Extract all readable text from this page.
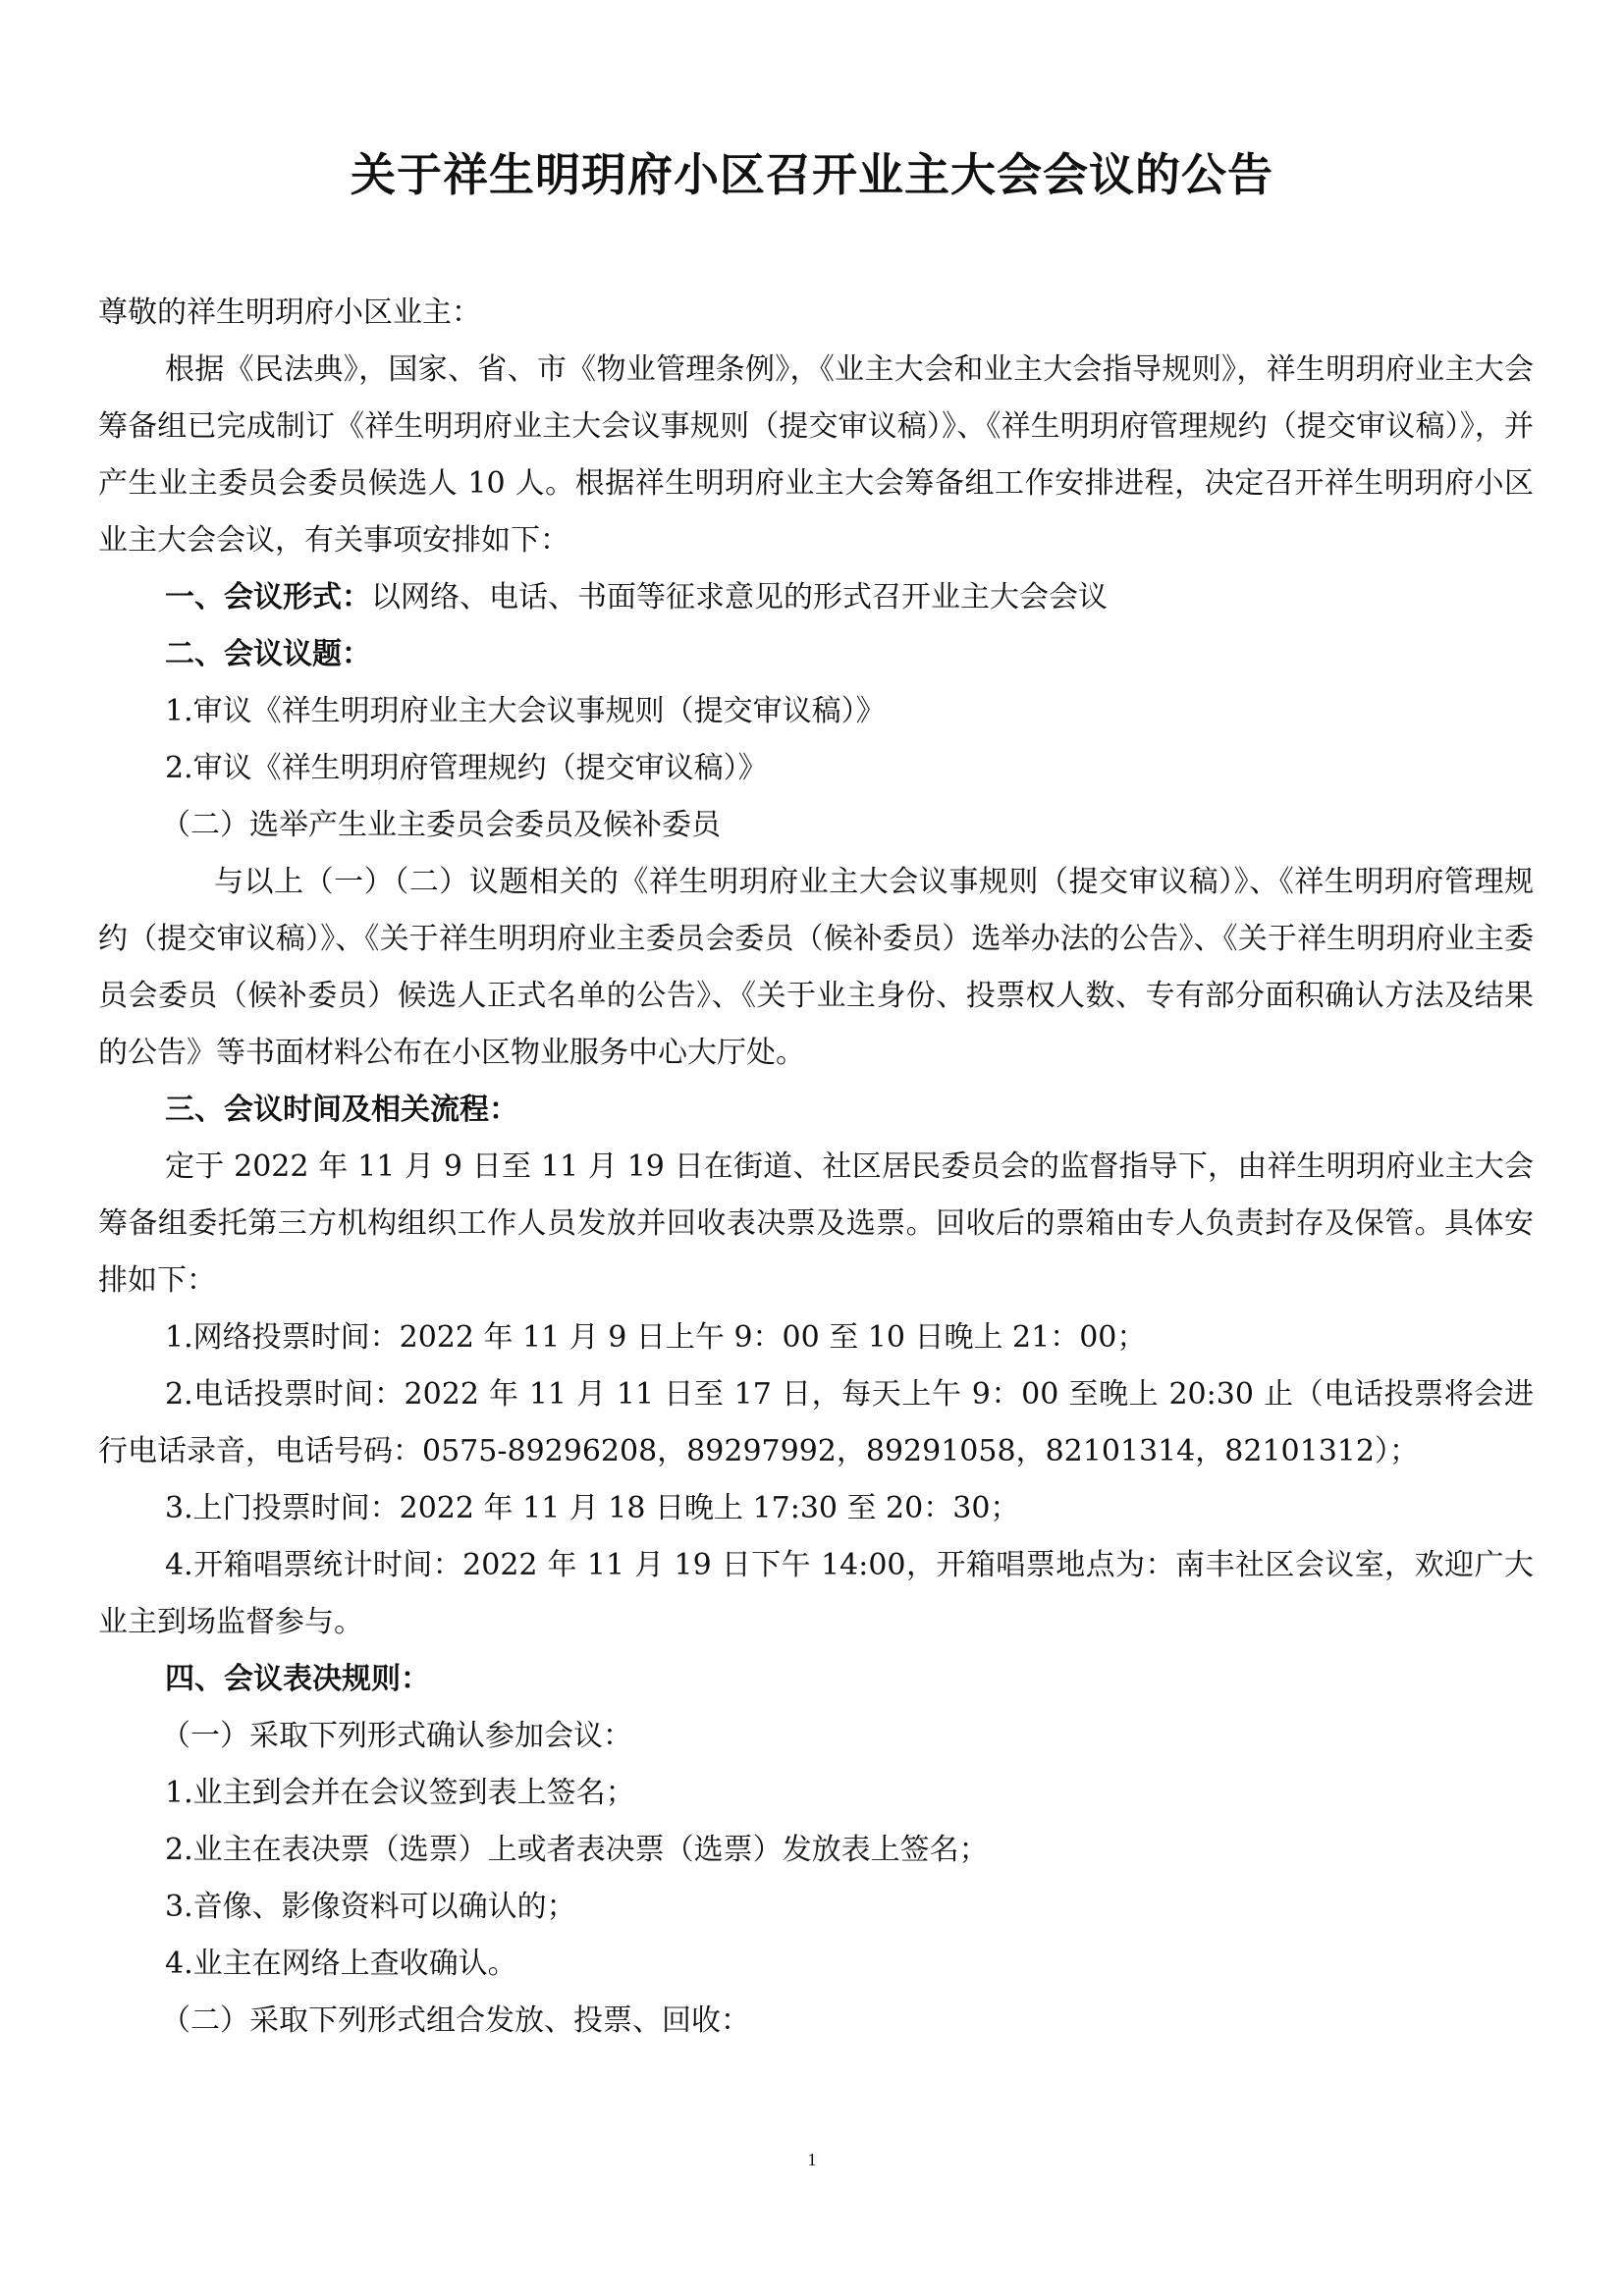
关于祥生明玥府小区召开业主大会会议的公告

尊敬的祥生明玥府小区业主：

根据《民法典》，国家、省、市《物业管理条例》，《业主大会和业主大会指导规则》，祥生明玥府业主大会筹备组已完成制订《祥生明玥府业主大会议事规则（提交审议稿）》、《祥生明玥府管理规约（提交审议稿）》，并产生业主委员会委员候选人 10 人。根据祥生明玥府业主大会筹备组工作安排进程，决定召开祥生明玥府小区业主大会会议，有关事项安排如下：

一、会议形式：以网络、电话、书面等征求意见的形式召开业主大会会议

二、会议议题：

1.审议《祥生明玥府业主大会议事规则（提交审议稿）》

2.审议《祥生明玥府管理规约（提交审议稿）》

（二）选举产生业主委员会委员及候补委员

与以上（一）（二）议题相关的《祥生明玥府业主大会议事规则（提交审议稿）》、《祥生明玥府管理规约（提交审议稿）》、《关于祥生明玥府业主委员会委员（候补委员）选举办法的公告》、《关于祥生明玥府业主委员会委员（候补委员）候选人正式名单的公告》、《关于业主身份、投票权人数、专有部分面积确认方法及结果的公告》等书面材料公布在小区物业服务中心大厅处。

三、会议时间及相关流程：

定于 2022 年 11 月 9 日至 11 月 19 日在街道、社区居民委员会的监督指导下，由祥生明玥府业主大会筹备组委托第三方机构组织工作人员发放并回收表决票及选票。回收后的票箱由专人负责封存及保管。具体安排如下：

1.网络投票时间：2022 年 11 月 9 日上午 9：00 至 10 日晚上 21：00；

2.电话投票时间：2022 年 11 月 11 日至 17 日，每天上午 9：00 至晚上 20:30 止（电话投票将会进行电话录音，电话号码：0575-89296208，89297992，89291058，82101314，82101312）；

3.上门投票时间：2022 年 11 月 18 日晚上 17:30 至 20：30；

4.开箱唱票统计时间：2022 年 11 月 19 日下午 14:00，开箱唱票地点为：南丰社区会议室，欢迎广大业主到场监督参与。

四、会议表决规则：

（一）采取下列形式确认参加会议：

1.业主到会并在会议签到表上签名；

2.业主在表决票（选票）上或者表决票（选票）发放表上签名；

3.音像、影像资料可以确认的；

4.业主在网络上查收确认。

（二）采取下列形式组合发放、投票、回收：

1
